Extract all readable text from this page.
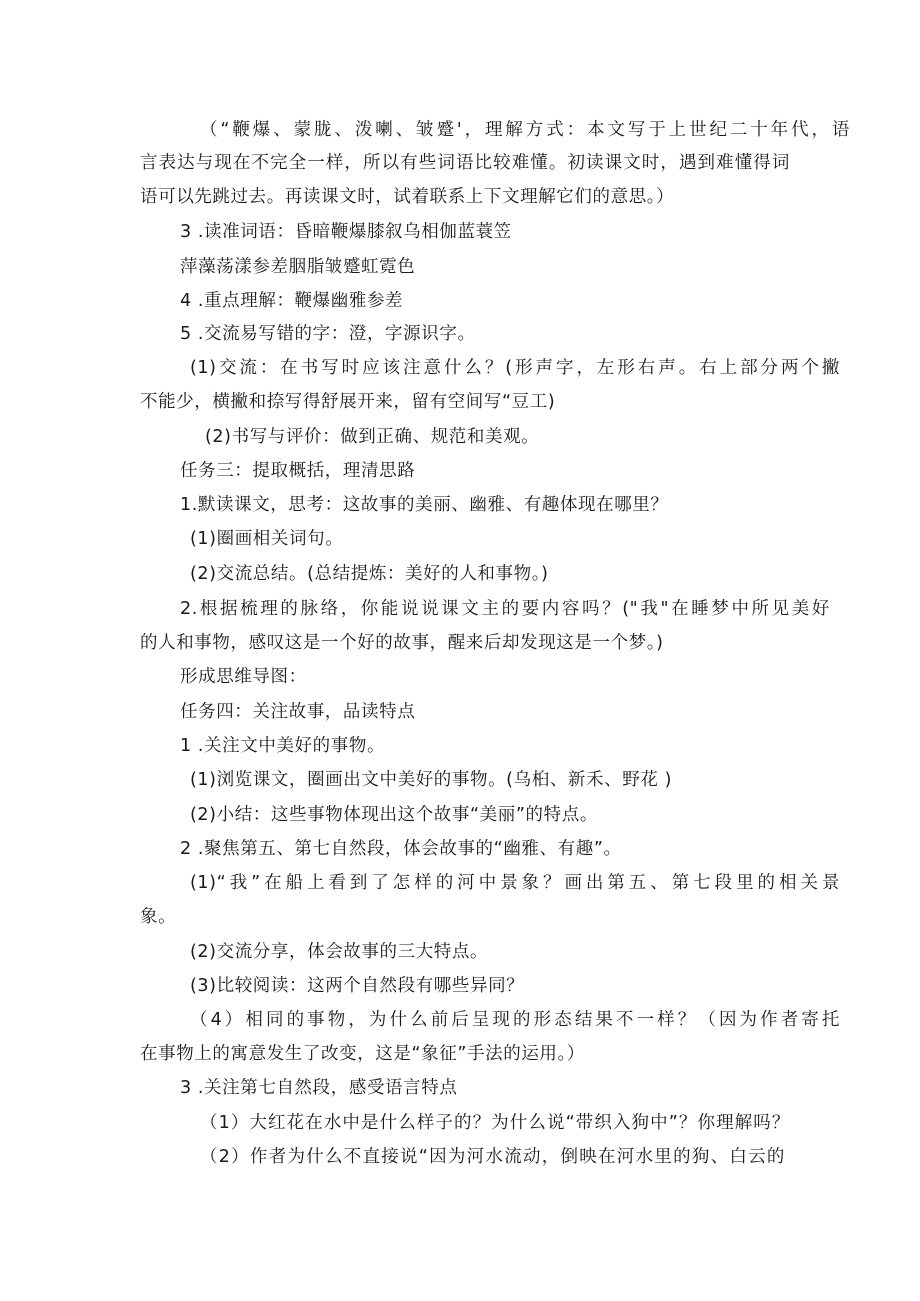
（“鞭爆、蒙胧、泼喇、皱蹙'，理解方式：本文写于上世纪二十年代，语
言表达与现在不完全一样，所以有些词语比较难懂。初读课文时，遇到难懂得词
语可以先跳过去。再读课文时，试着联系上下文理解它们的意思。）
3 .读准词语：昏暗鞭爆膝叙乌相伽蓝蓑笠
萍藻荡漾参差胭脂皱蹙虹霓色
4 .重点理解：鞭爆幽雅参差
5 .交流易写错的字：澄，字源识字。
(1)交流：在书写时应该注意什么？(形声字，左形右声。右上部分两个撇
不能少，横撇和捺写得舒展开来，留有空间写“豆工)
(2)书写与评价：做到正确、规范和美观。
任务三：提取概括，理清思路
1.默读课文，思考：这故事的美丽、幽雅、有趣体现在哪里？
(1)圈画相关词句。
(2)交流总结。(总结提炼：美好的人和事物。)
2.根据梳理的脉络，你能说说课文主的要内容吗？("我"在睡梦中所见美好
的人和事物，感叹这是一个好的故事，醒来后却发现这是一个梦。)
形成思维导图：
任务四：关注故事，品读特点
1 .关注文中美好的事物。
(1)浏览课文，圈画出文中美好的事物。(乌桕、新禾、野花 )
(2)小结：这些事物体现出这个故事“美丽”的特点。
2 .聚焦第五、第七自然段，体会故事的“幽雅、有趣”。
(1)“我”在船上看到了怎样的河中景象？画出第五、第七段里的相关景
象。
(2)交流分享，体会故事的三大特点。
(3)比较阅读：这两个自然段有哪些异同？
（4）相同的事物，为什么前后呈现的形态结果不一样？（因为作者寄托
在事物上的寓意发生了改变，这是“象征”手法的运用。）
3 .关注第七自然段，感受语言特点
（1）大红花在水中是什么样子的？为什么说“带织入狗中”？你理解吗？
（2）作者为什么不直接说“因为河水流动，倒映在河水里的狗、白云的
